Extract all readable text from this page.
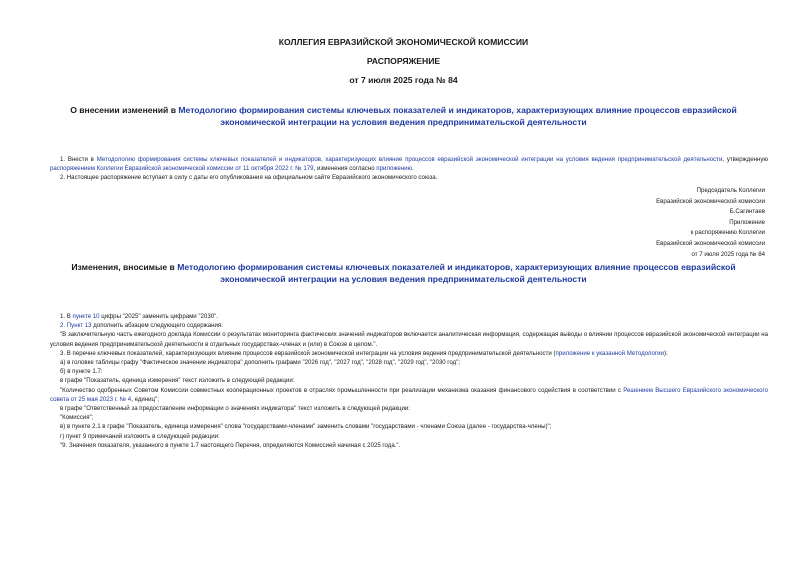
КОЛЛЕГИЯ ЕВРАЗИЙСКОЙ ЭКОНОМИЧЕСКОЙ КОМИССИИ
РАСПОРЯЖЕНИЕ
от 7 июля 2025 года № 84
О внесении изменений в Методологию формирования системы ключевых показателей и индикаторов, характеризующих влияние процессов евразийской экономической интеграции на условия ведения предпринимательской деятельности

1. Внести в Методологию формирования системы ключевых показателей и индикаторов, характеризующих влияние процессов евразийской экономической интеграции на условия ведения предпринимательской деятельности, утвержденную распоряжением Коллегии Евразийской экономической комиссии от 11 октября 2022 г. № 179, изменения согласно приложению.

2. Настоящее распоряжение вступает в силу с даты его опубликования на официальном сайте Евразийского экономического союза.

Председатель Коллегии
Евразийской экономической комиссии
Б.Сагинтаев
Приложение
к распоряжению Коллегии
Евразийской экономической комиссии
от 7 июля 2025 года № 84
Изменения, вносимые в Методологию формирования системы ключевых показателей и индикаторов, характеризующих влияние процессов евразийской экономической интеграции на условия ведения предпринимательской деятельности

1. В пункте 10 цифры "2025" заменить цифрами "2030".

2. Пункт 13 дополнить абзацем следующего содержания:

"В заключительную часть ежегодного доклада Комиссии о результатах мониторинга фактических значений индикаторов включается аналитическая информация, содержащая выводы о влиянии процессов евразийской экономической интеграции на условия ведения предпринимательской деятельности в отдельных государствах-членах и (или) в Союзе в целом.".

3. В перечне ключевых показателей, характеризующих влияние процессов евразийской экономической интеграции на условия ведения предпринимательской деятельности (приложение к указанной Методологии):

а) в головке таблицы графу "Фактическое значение индикатора" дополнить графами "2026 год", "2027 год", "2028 год", "2029 год", "2030 год";

б) в пункте 1.7:

в графе "Показатель, единица измерения" текст изложить в следующей редакции:

"Количество одобренных Советом Комиссии совместных кооперационных проектов в отраслях промышленности при реализации механизма оказания финансового содействия в соответствии с Решением Высшего Евразийского экономического совета от 25 мая 2023 г. № 4, единиц";

в графе "Ответственный за предоставление информации о значениях индикатора" текст изложить в следующей редакции:

"Комиссия";

в) в пункте 2.1 в графе "Показатель, единица измерения" слова "государствами-членами" заменить словами "государствами - членами Союза (далее - государства-члены)";

г) пункт 9 примечаний изложить в следующей редакции:

"9. Значения показателя, указанного в пункте 1.7 настоящего Перечня, определяются Комиссией начиная с 2025 года.".
